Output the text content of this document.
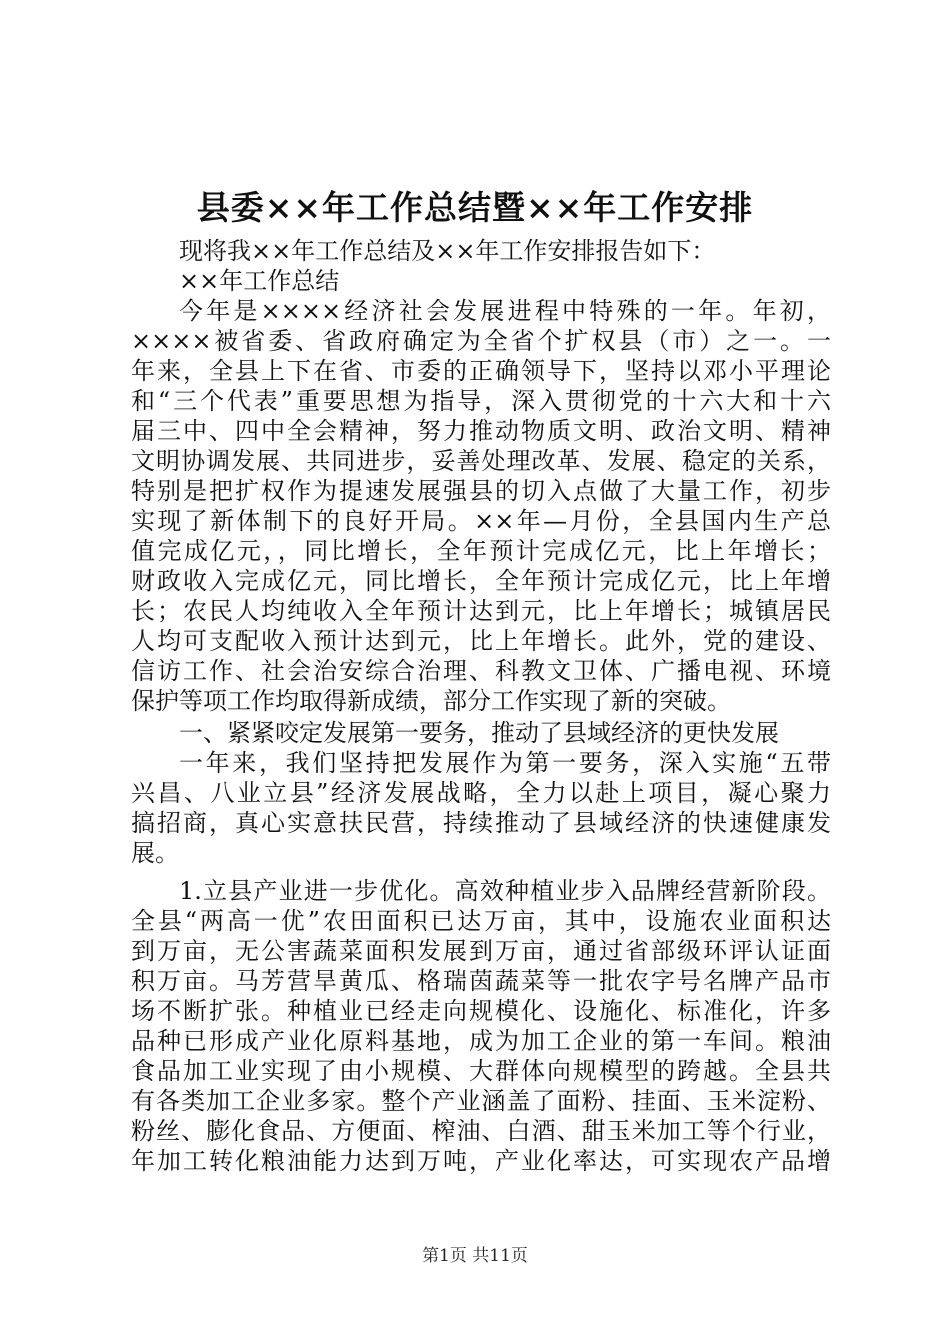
县委××年工作总结暨××年工作安排
现将我××年工作总结及××年工作安排报告如下：
××年工作总结
今年是××××经济社会发展进程中特殊的一年。年初，
××××被省委、省政府确定为全省个扩权县（市）之一。一
年来，全县上下在省、市委的正确领导下，坚持以邓小平理论
和“三个代表”重要思想为指导，深入贯彻党的十六大和十六
届三中、四中全会精神，努力推动物质文明、政治文明、精神
文明协调发展、共同进步，妥善处理改革、发展、稳定的关系，
特别是把扩权作为提速发展强县的切入点做了大量工作，初步
实现了新体制下的良好开局。××年—月份，全县国内生产总
值完成亿元，，同比增长，全年预计完成亿元，比上年增长；
财政收入完成亿元，同比增长，全年预计完成亿元，比上年增
长；农民人均纯收入全年预计达到元，比上年增长；城镇居民
人均可支配收入预计达到元，比上年增长。此外，党的建设、
信访工作、社会治安综合治理、科教文卫体、广播电视、环境
保护等项工作均取得新成绩，部分工作实现了新的突破。
一、紧紧咬定发展第一要务，推动了县域经济的更快发展
一年来，我们坚持把发展作为第一要务，深入实施“五带
兴昌、八业立县”经济发展战略，全力以赴上项目，凝心聚力
搞招商，真心实意扶民营，持续推动了县域经济的快速健康发
展。
1.立县产业进一步优化。高效种植业步入品牌经营新阶段。
全县“两高一优”农田面积已达万亩，其中，设施农业面积达
到万亩，无公害蔬菜面积发展到万亩，通过省部级环评认证面
积万亩。马芳营旱黄瓜、格瑞茵蔬菜等一批农字号名牌产品市
场不断扩张。种植业已经走向规模化、设施化、标准化，许多
品种已形成产业化原料基地，成为加工企业的第一车间。粮油
食品加工业实现了由小规模、大群体向规模型的跨越。全县共
有各类加工企业多家。整个产业涵盖了面粉、挂面、玉米淀粉、
粉丝、膨化食品、方便面、榨油、白酒、甜玉米加工等个行业，
年加工转化粮油能力达到万吨，产业化率达，可实现农产品增
第1页 共11页
